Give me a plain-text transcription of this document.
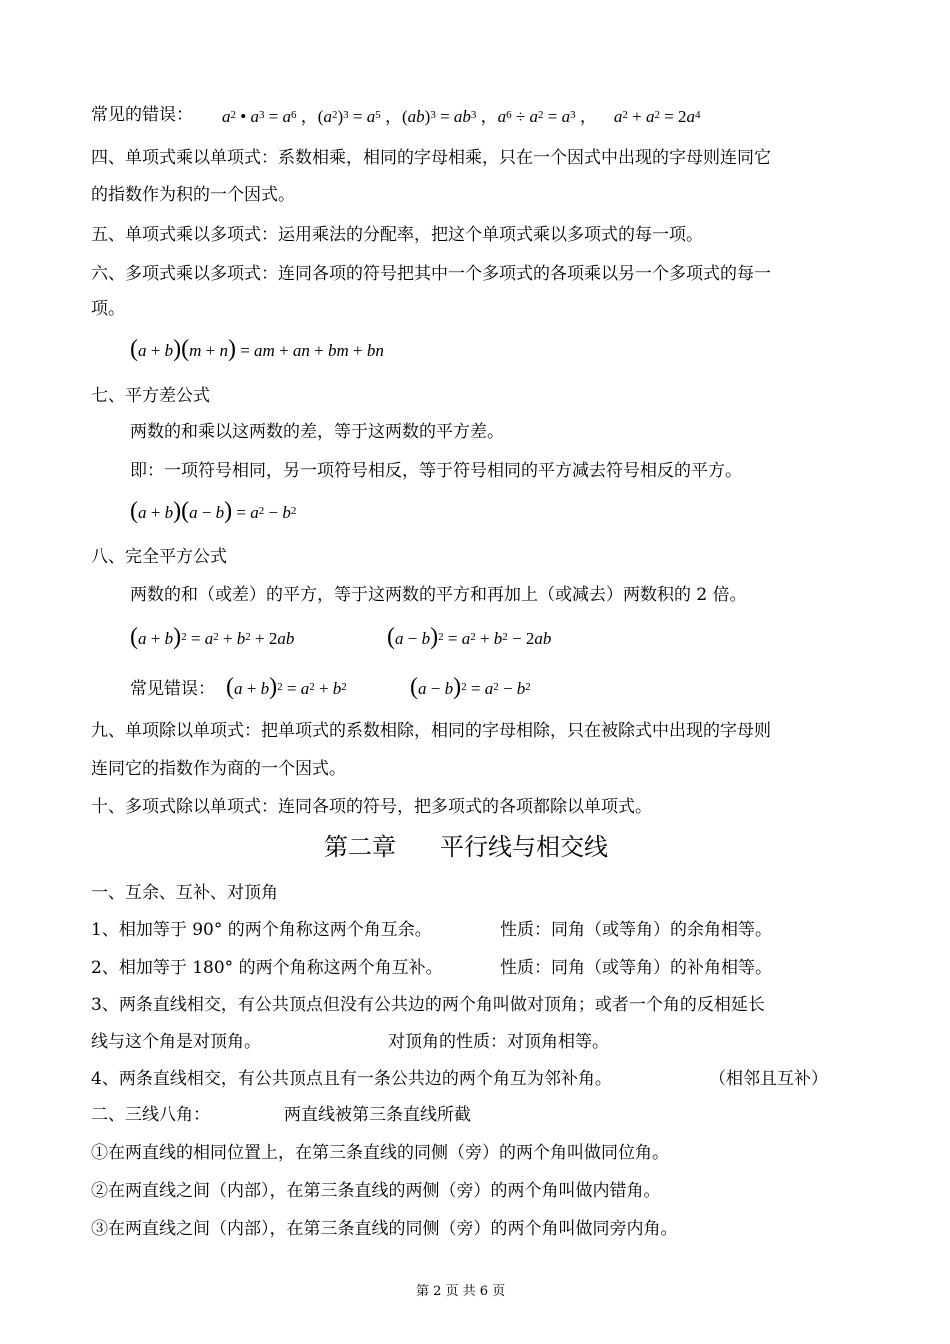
常见的错误： $a^2$ • $a^3 = a^6$ ，$(a^2)^3 = a^5$ ，$(ab)^3 = ab^3$ ，$a^6 \div a^2 = a^3$ ，    $a^2 + a^2 = 2a^4$
四、单项式乘以单项式：系数相乘，相同的字母相乘，只在一个因式中出现的字母则连同它
的指数作为积的一个因式。
五、单项式乘以多项式：运用乘法的分配率，把这个单项式乘以多项式的每一项。
六、多项式乘以多项式：连同各项的符号把其中一个多项式的各项乘以另一个多项式的每一
项。
(a + b)(m + n) = am + an + bm + bn
七、平方差公式
两数的和乘以这两数的差，等于这两数的平方差。
即：一项符号相同，另一项符号相反，等于符号相同的平方减去符号相反的平方。
$(a + b)(a - b) = a^2 - b^2$
八、完全平方公式
两数的和（或差）的平方，等于这两数的平方和再加上（或减去）两数积的 2 倍。
$(a + b)^2 = a^2 + b^2 + 2ab$	$(a - b)^2 = a^2 + b^2 - 2ab$
常见错误： $(a + b)^2 = a^2 + b^2$	$(a - b)^2 = a^2 - b^2$
九、单项除以单项式：把单项式的系数相除，相同的字母相除，只在被除式中出现的字母则
连同它的指数作为商的一个因式。
十、多项式除以单项式：连同各项的符号，把多项式的各项都除以单项式。
第二章 平行线与相交线
一、互余、互补、对顶角
1、相加等于 90° 的两个角称这两个角互余。	性质：同角（或等角）的余角相等。
2、相加等于 180° 的两个角称这两个角互补。	性质：同角（或等角）的补角相等。
3、两条直线相交，有公共顶点但没有公共边的两个角叫做对顶角；或者一个角的反相延长
线与这个角是对顶角。	对顶角的性质：对顶角相等。
4、两条直线相交，有公共顶点且有一条公共边的两个角互为邻补角。	（相邻且互补）
二、三线八角：	两直线被第三条直线所截
①在两直线的相同位置上，在第三条直线的同侧（旁）的两个角叫做同位角。
②在两直线之间（内部），在第三条直线的两侧（旁）的两个角叫做内错角。
③在两直线之间（内部），在第三条直线的同侧（旁）的两个角叫做同旁内角。
第 2 页 共 6 页
